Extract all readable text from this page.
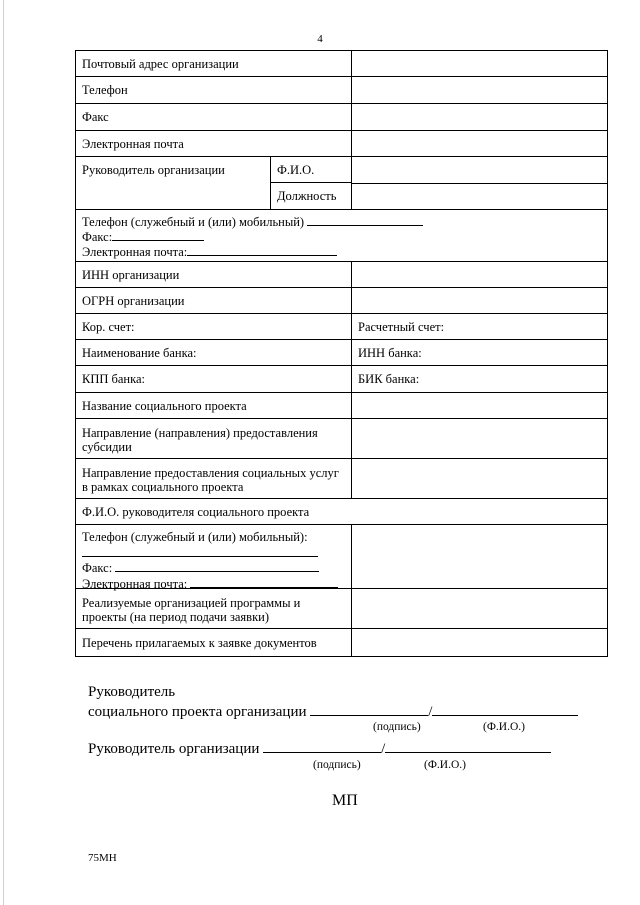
4
Почтовый адрес организации
Телефон
Факс
Электронная почта
Руководитель организации	Ф.И.О.
Должность
Телефон (служебный и (или) мобильный)
Факс:
Электронная почта:
ИНН организации
ОГРН организации
Кор. счет:	Расчетный счет:
Наименование банка:	ИНН банка:
КПП банка:	БИК банка:
Название социального проекта
Направление (направления) предоставления
субсидии
Направление предоставления социальных услуг
в рамках социального проекта
Ф.И.О. руководителя социального проекта
Телефон (служебный и (или) мобильный):
Факс:
Электронная почта:
Реализуемые организацией программы и
проекты (на период подачи заявки)
Перечень прилагаемых к заявке документов
Руководитель
социального проекта организации	/
(подпись)	(Ф.И.О.)
Руководитель организации	/
(подпись)	(Ф.И.О.)
МП
75МН
